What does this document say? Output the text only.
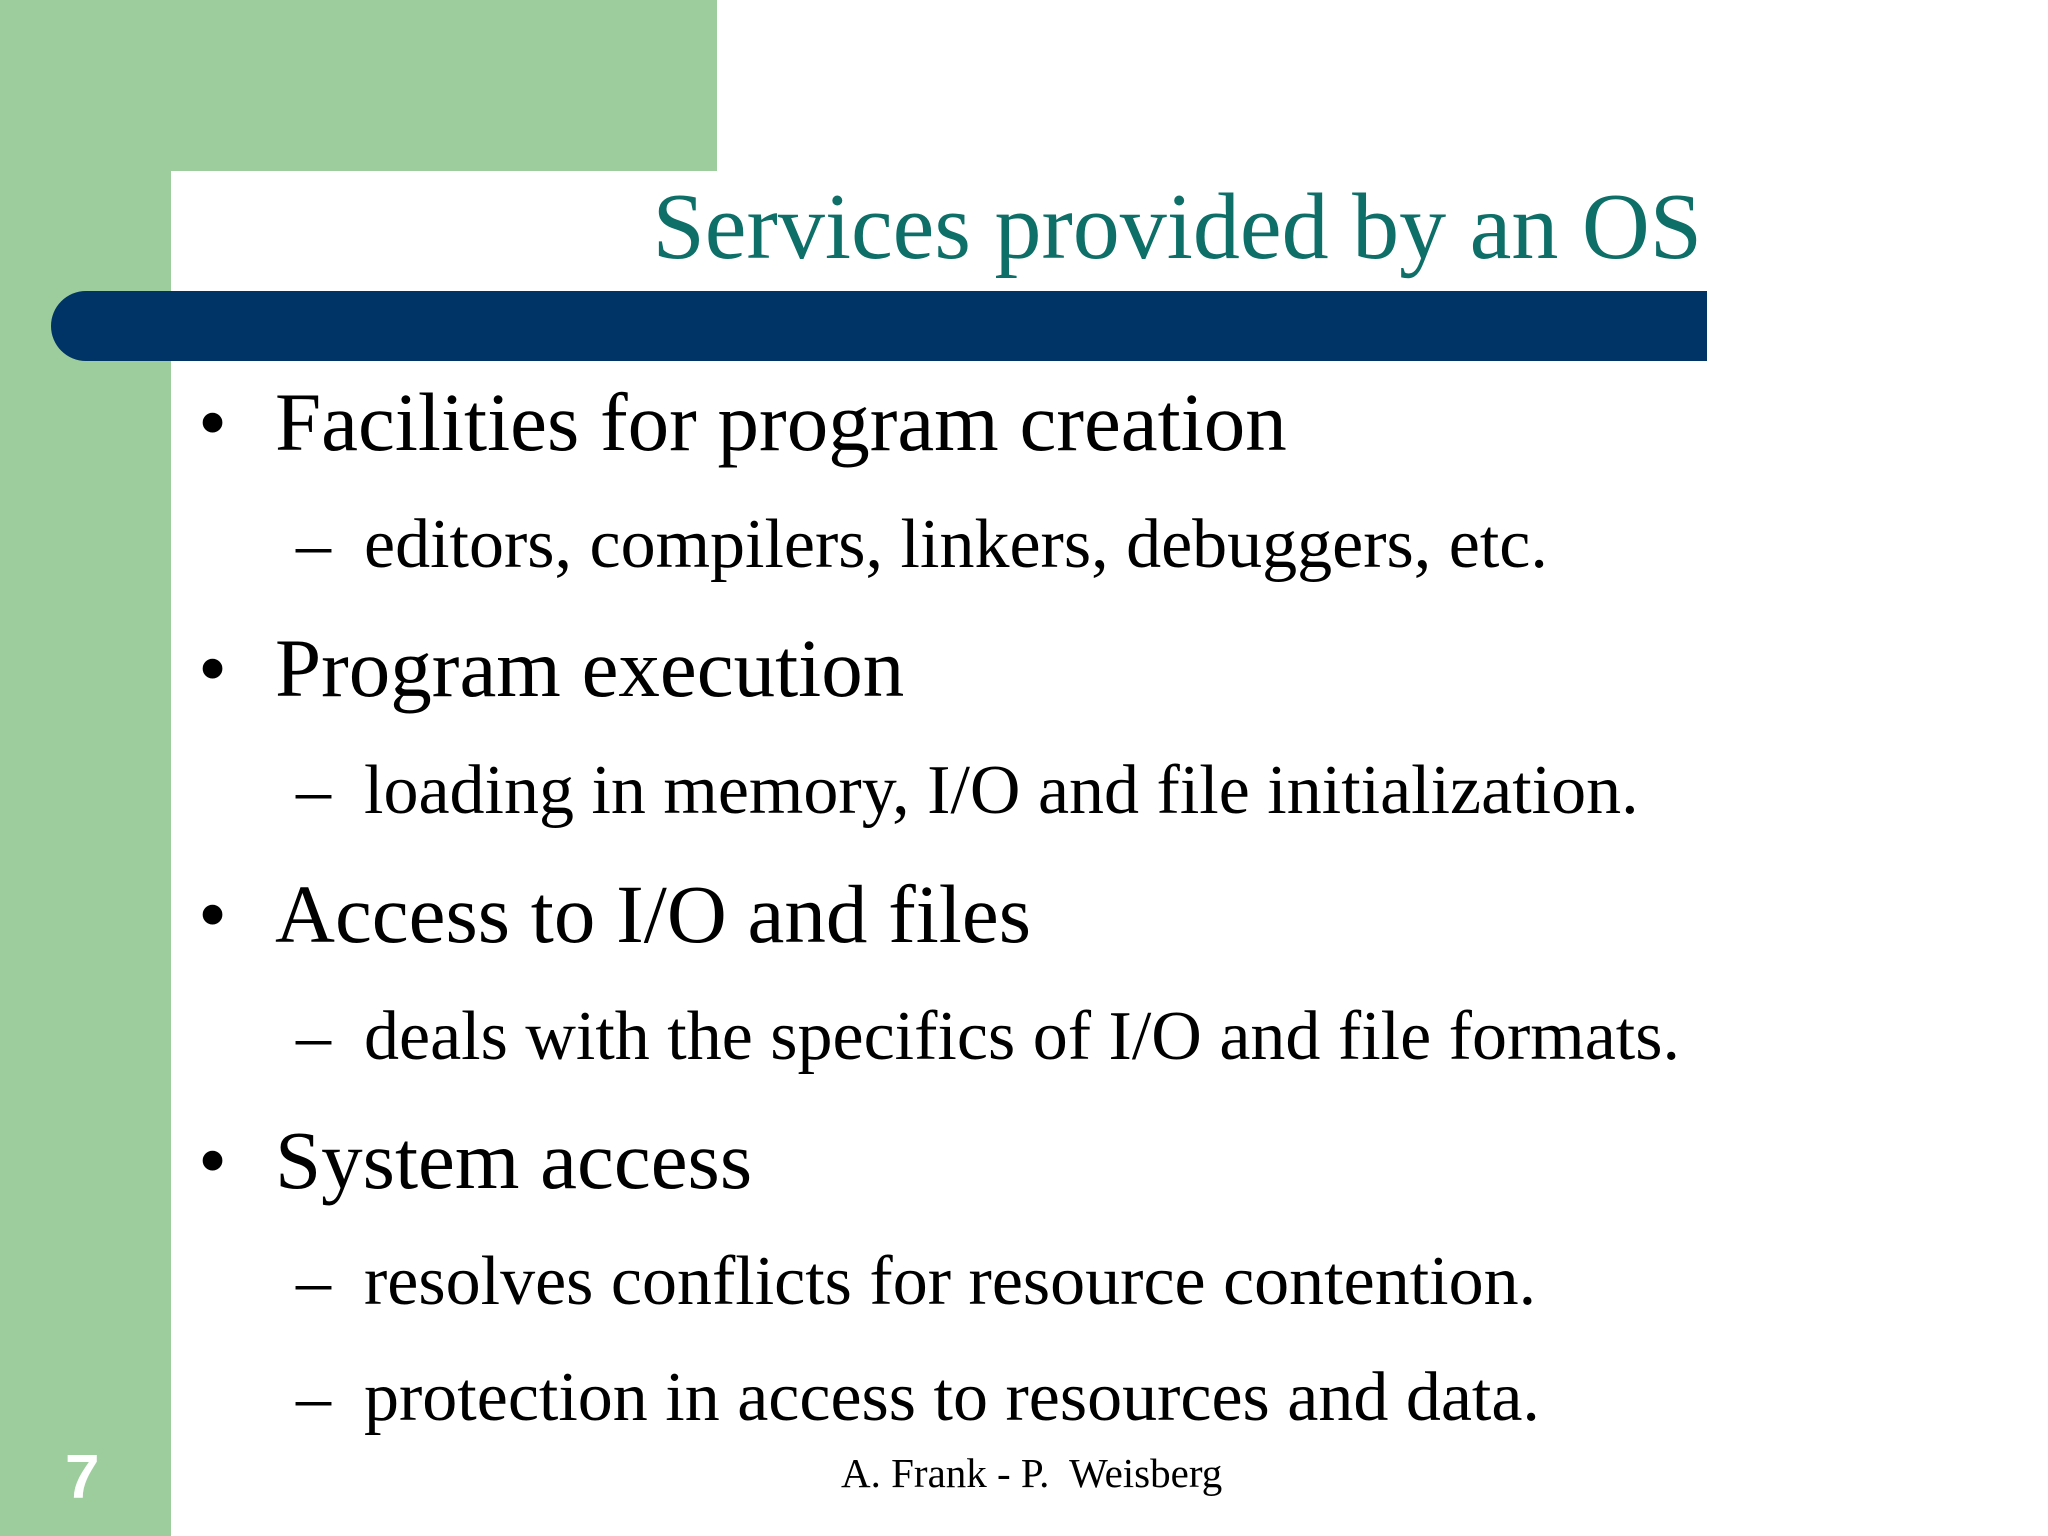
Services provided by an OS
• Facilities for program creation
– editors, compilers, linkers, debuggers, etc.
• Program execution
– loading in memory, I/O and file initialization.
• Access to I/O and files
– deals with the specifics of I/O and file formats.
• System access
– resolves conflicts for resource contention.
– protection in access to resources and data.
7	A. Frank - P.  Weisberg
